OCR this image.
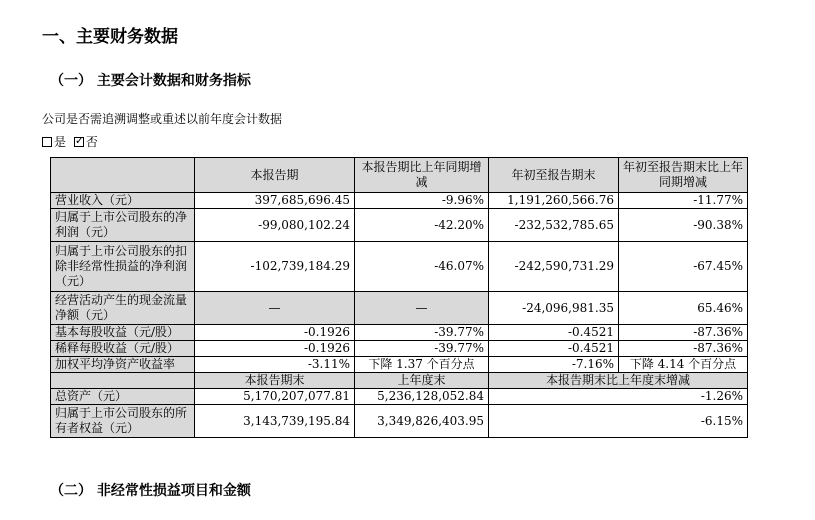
一、主要财务数据
（一） 主要会计数据和财务指标
公司是否需追溯调整或重述以前年度会计数据
是 ✓ 否
	本报告期	本报告期比上年同期增减	年初至报告期末	年初至报告期末比上年同期增减
营业收入（元）	397,685,696.45	-9.96%	1,191,260,566.76	-11.77%
归属于上市公司股东的净利润（元）	-99,080,102.24	-42.20%	-232,532,785.65	-90.38%
归属于上市公司股东的扣除非经常性损益的净利润（元）	-102,739,184.29	-46.07%	-242,590,731.29	-67.45%
经营活动产生的现金流量净额（元）	—	—	-24,096,981.35	65.46%
基本每股收益（元/股）	-0.1926	-39.77%	-0.4521	-87.36%
稀释每股收益（元/股）	-0.1926	-39.77%	-0.4521	-87.36%
加权平均净资产收益率	-3.11%	下降 1.37 个百分点	-7.16%	下降 4.14 个百分点
	本报告期末	上年度末	本报告期末比上年度末增减	
总资产（元）	5,170,207,077.81	5,236,128,052.84	-1.26%	
归属于上市公司股东的所有者权益（元）	3,143,739,195.84	3,349,826,403.95	-6.15%	
（二） 非经常性损益项目和金额
